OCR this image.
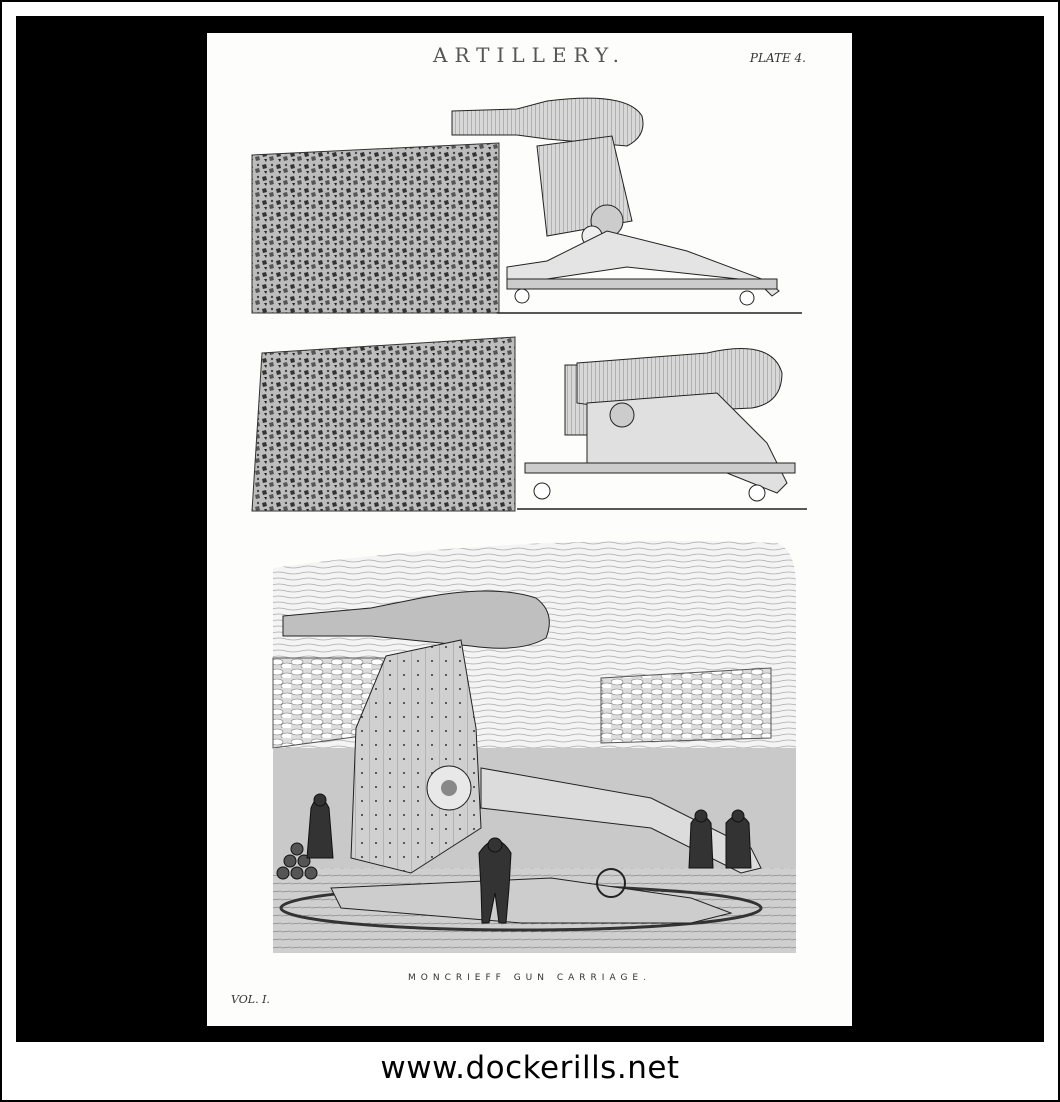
ARTILLERY.	PLATE 4.
MONCRIEFF GUN CARRIAGE.
VOL. I.
www.dockerills.net
